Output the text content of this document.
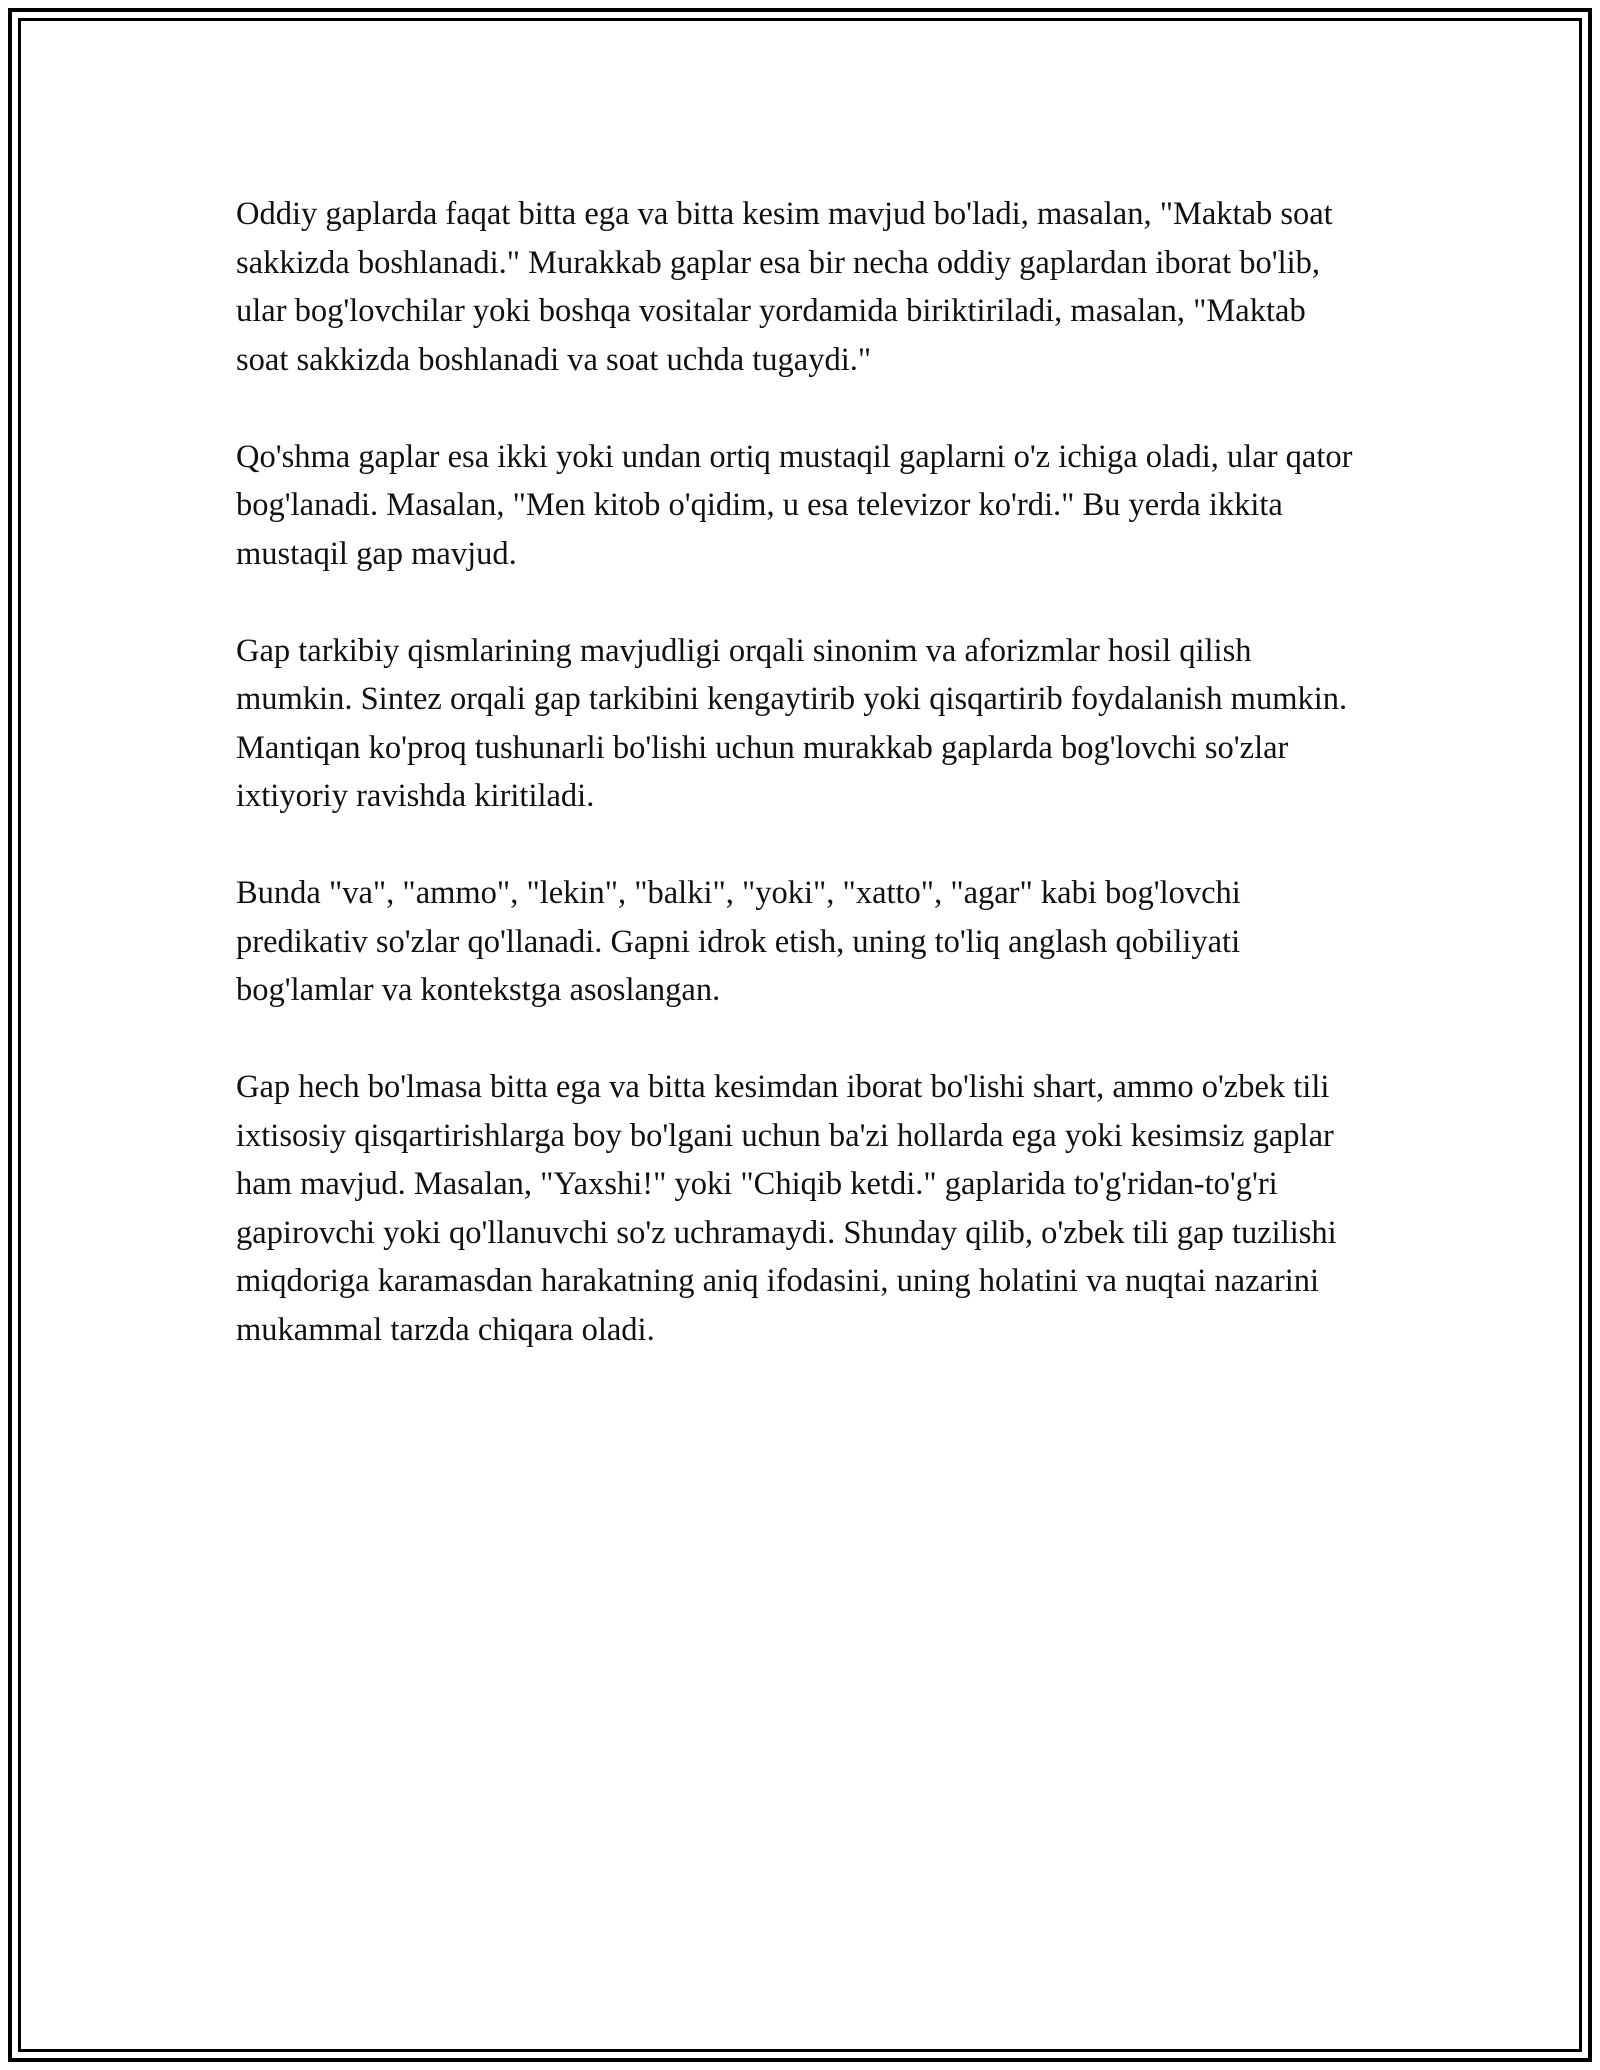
Oddiy gaplarda faqat bitta ega va bitta kesim mavjud bo'ladi, masalan, "Maktab soat sakkizda boshlanadi." Murakkab gaplar esa bir necha oddiy gaplardan iborat bo'lib, ular bog'lovchilar yoki boshqa vositalar yordamida biriktiriladi, masalan, "Maktab soat sakkizda boshlanadi va soat uchda tugaydi."

Qo'shma gaplar esa ikki yoki undan ortiq mustaqil gaplarni o'z ichiga oladi, ular qator bog'lanadi. Masalan, "Men kitob o'qidim, u esa televizor ko'rdi." Bu yerda ikkita mustaqil gap mavjud.

Gap tarkibiy qismlarining mavjudligi orqali sinonim va aforizmlar hosil qilish mumkin. Sintez orqali gap tarkibini kengaytirib yoki qisqartirib foydalanish mumkin. Mantiqan ko'proq tushunarli bo'lishi uchun murakkab gaplarda bog'lovchi so'zlar ixtiyoriy ravishda kiritiladi.

Bunda "va", "ammo", "lekin", "balki", "yoki", "xatto", "agar" kabi bog'lovchi predikativ so'zlar qo'llanadi. Gapni idrok etish, uning to'liq anglash qobiliyati bog'lamlar va kontekstga asoslangan.

Gap hech bo'lmasa bitta ega va bitta kesimdan iborat bo'lishi shart, ammo o'zbek tili ixtisosiy qisqartirishlarga boy bo'lgani uchun ba'zi hollarda ega yoki kesimsiz gaplar ham mavjud. Masalan, "Yaxshi!" yoki "Chiqib ketdi." gaplarida to'g'ridan-to'g'ri gapirovchi yoki qo'llanuvchi so'z uchramaydi. Shunday qilib, o'zbek tili gap tuzilishi miqdoriga karamasdan harakatning aniq ifodasini, uning holatini va nuqtai nazarini mukammal tarzda chiqara oladi.
